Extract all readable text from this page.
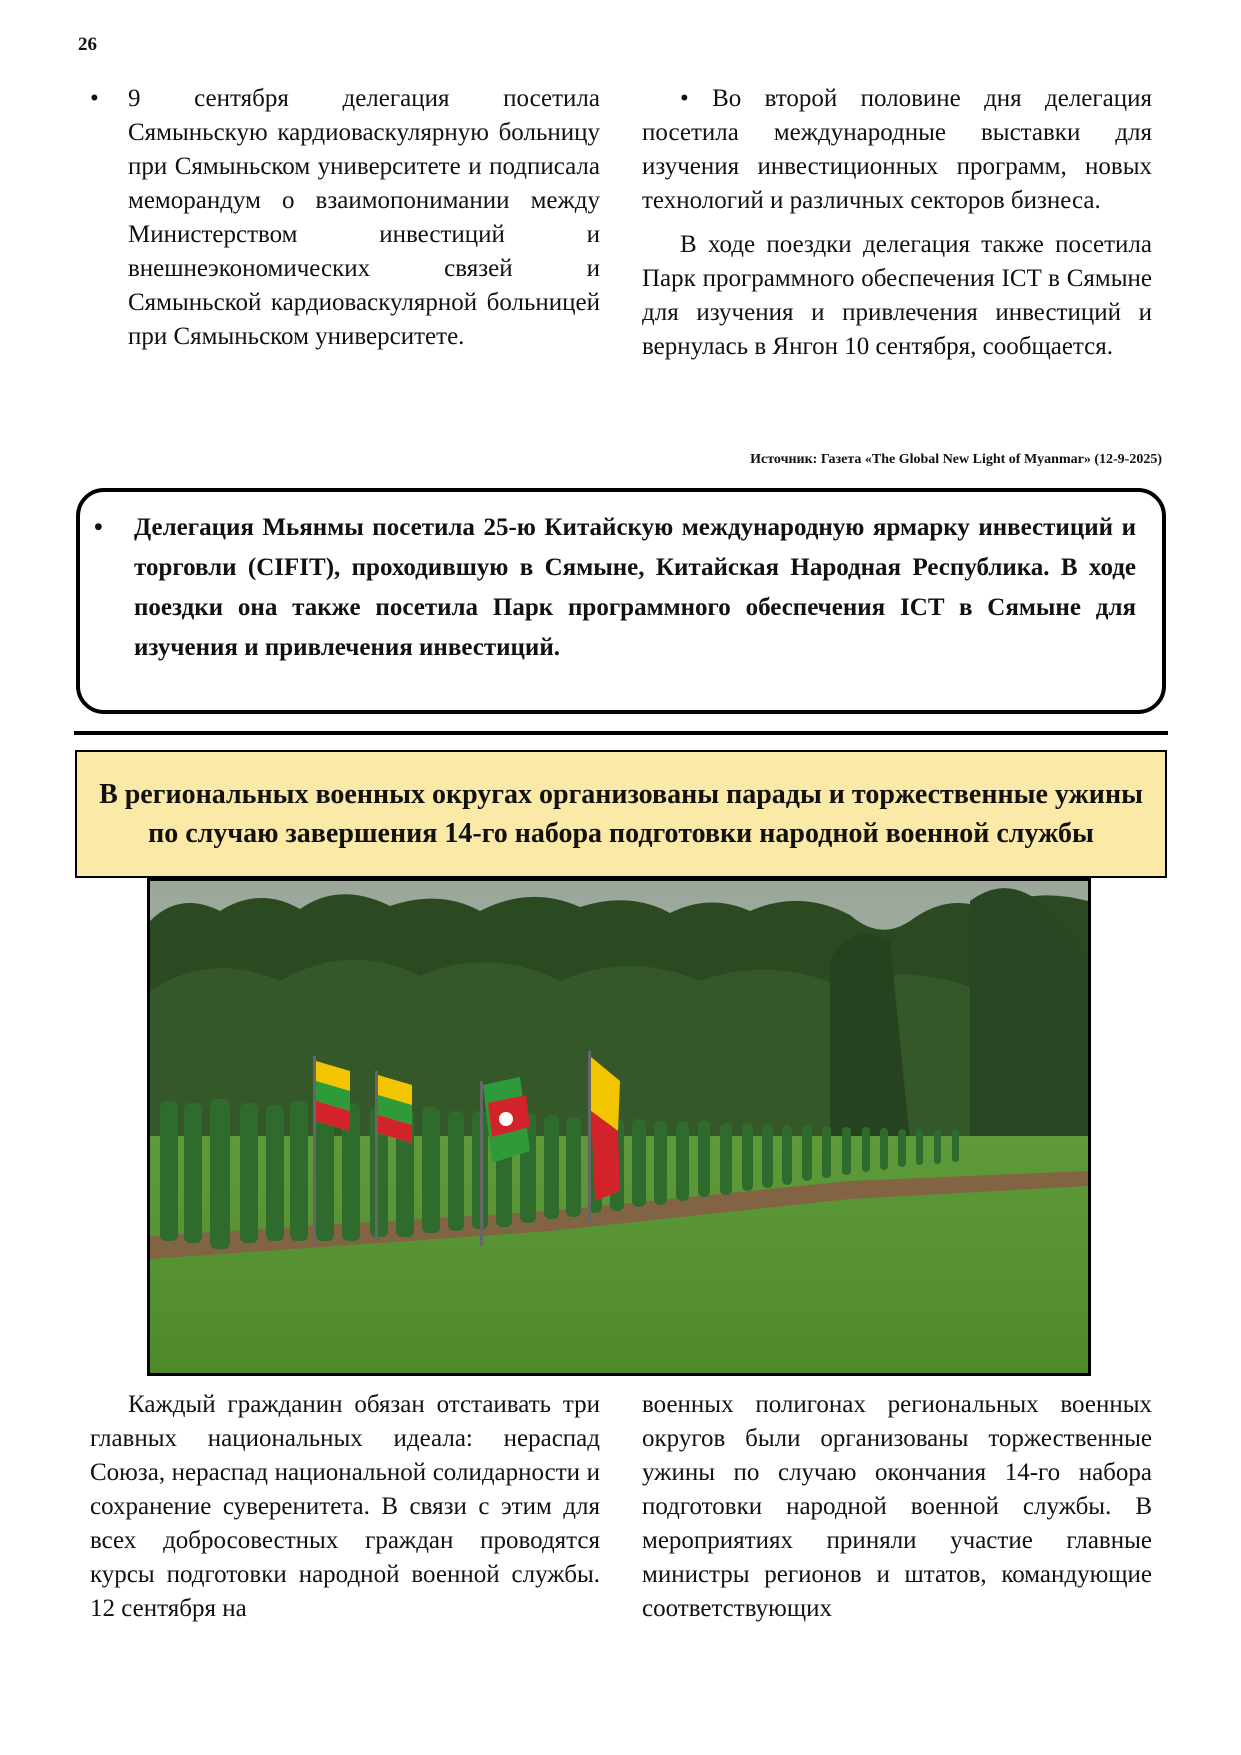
26

• 9 сентября делегация посетила Сямыньскую кардиоваскулярную больницу при Сямыньском университете и подписала меморандум о взаимопонимании между Министерством инвестиций и внешнеэкономических связей и Сямыньской кардиоваскулярной больницей при Сямыньском университете.

• Во второй половине дня делегация посетила международные выставки для изучения инвестиционных программ, новых технологий и различных секторов бизнеса.

В ходе поездки делегация также посетила Парк программного обеспечения ICT в Сямыне для изучения и привлечения инвестиций и вернулась в Янгон 10 сентября, сообщается.

Источник: Газета «The Global New Light of Myanmar» (12-9-2025)
• Делегация Мьянмы посетила 25-ю Китайскую международную ярмарку инвестиций и торговли (CIFIT), проходившую в Сямыне, Китайская Народная Республика. В ходе поездки она также посетила Парк программного обеспечения ICT в Сямыне для изучения и привлечения инвестиций.
В региональных военных округах организованы парады и торжественные ужины по случаю завершения 14-го набора подготовки народной военной службы

Каждый гражданин обязан отстаивать три главных национальных идеала: нераспад Союза, нераспад национальной солидарности и сохранение суверенитета. В связи с этим для всех добросовестных граждан проводятся курсы подготовки народной военной службы. 12 сентября на

военных полигонах региональных военных округов были организованы торжественные ужины по случаю окончания 14-го набора подготовки народной военной службы. В мероприятиях приняли участие главные министры регионов и штатов, командующие соответствующих
